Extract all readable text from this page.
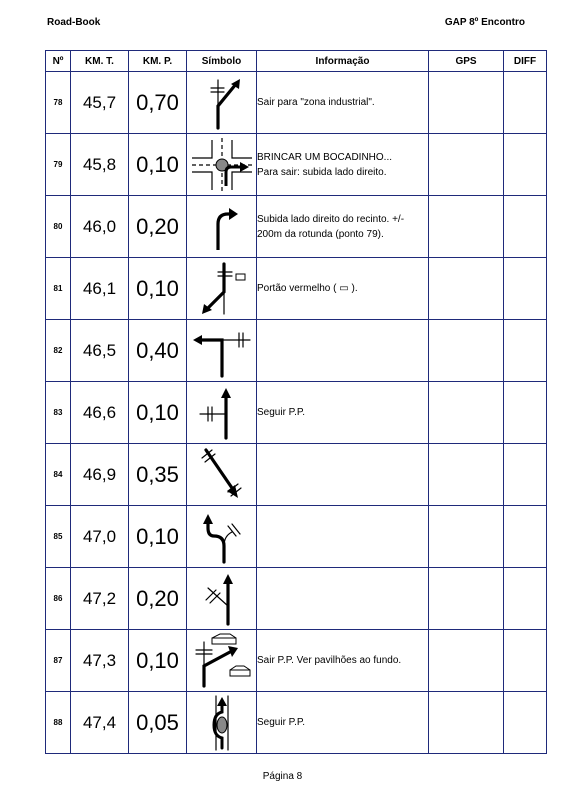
Road-Book	GAP 8º Encontro
Nº	KM. T.	KM. P.	Símbolo	Informação	GPS	DIFF
78	45,7	0,70		Sair para "zona industrial".		

79	45,8	0,10		BRINCAR UM BOCADINHO...
Para sair: subida lado direito.		

80	46,0	0,20		Subida lado direito do recinto. +/-
200m da rotunda (ponto 79).		

81	46,1	0,10		Portão vermelho ( ▭ ).		

82	46,5	0,40	

83	46,6	0,10		Seguir P.P.		

84	46,9	0,35	

85	47,0	0,10	

86	47,2	0,20	

87	47,3	0,10		Sair P.P. Ver pavilhões ao fundo.		

88	47,4	0,05		Seguir P.P.		

Página 8
